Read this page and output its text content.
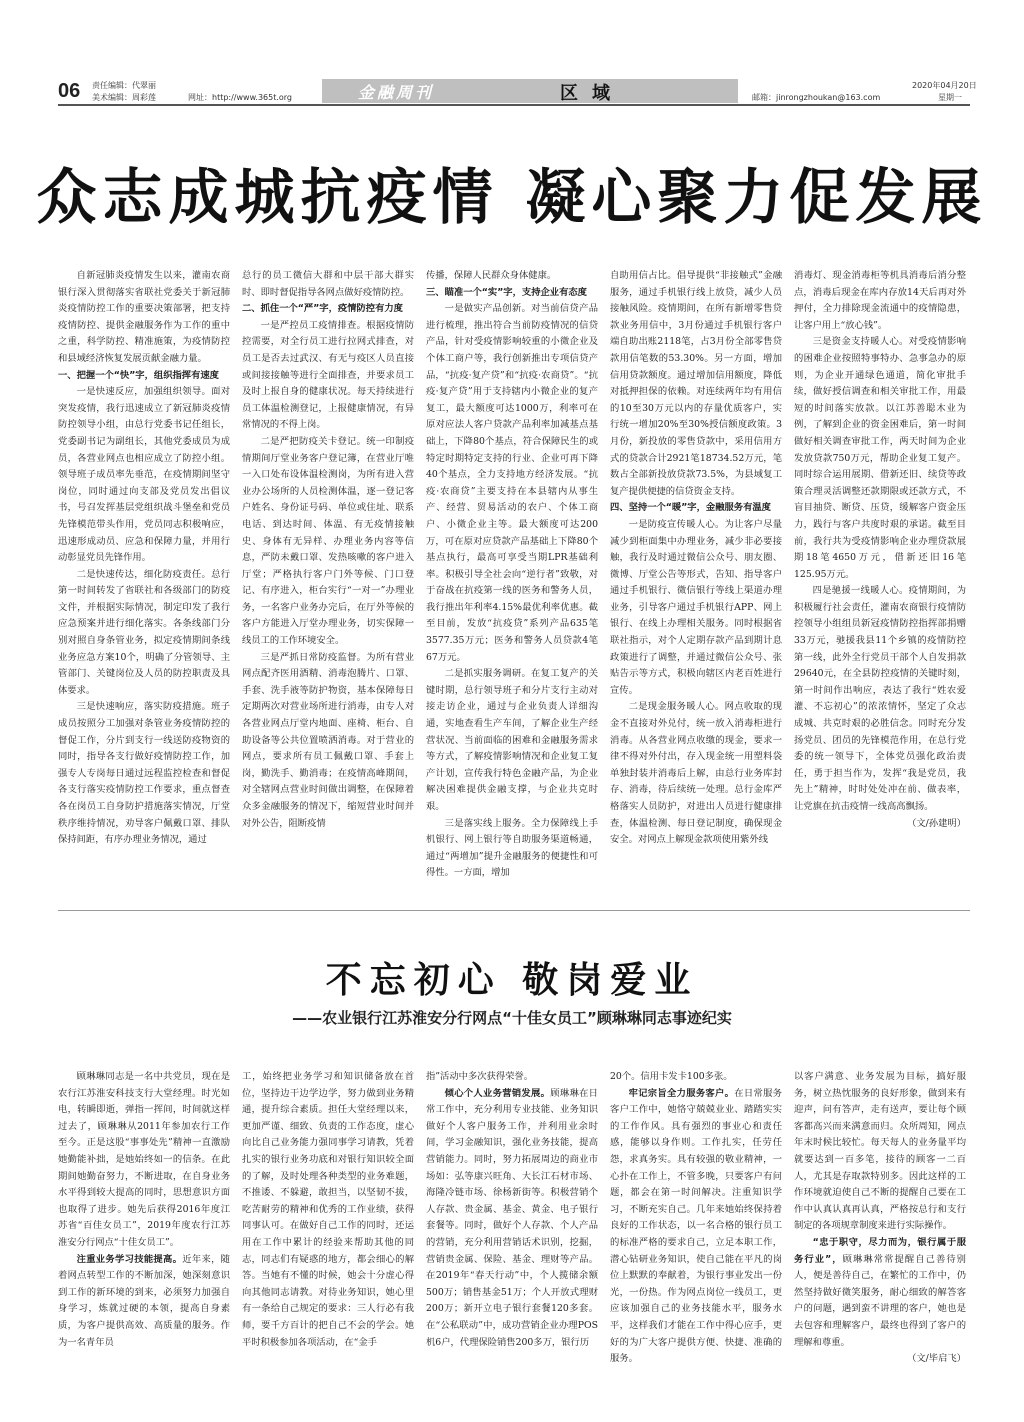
06 责任编辑：代翠丽
美术编辑：周彩莲	网址：http://www.365t.org	金融周刊	区域	邮箱：jinrongzhoukan@163.com
2020年04月20日
星期一
众志成城抗疫情 凝心聚力促发展

自新冠肺炎疫情发生以来，灌南农商银行深入贯彻落实省联社党委关于新冠肺炎疫情防控工作的重要决策部署，把支持疫情防控、提供金融服务作为工作的重中之重，科学防控、精准施策，为疫情防控和县域经济恢复发展贡献金融力量。

一、把握一个“快”字，组织指挥有速度

一是快速反应，加强组织领导。面对突发疫情，我行迅速成立了新冠肺炎疫情防控领导小组，由总行党委书记任组长，党委副书记为副组长，其他党委成员为成员，各营业网点也相应成立了防控小组。领导班子成员率先垂范，在疫情期间坚守岗位，同时通过向支部及党员发出倡议书，号召发挥基层党组织战斗堡垒和党员先锋模范带头作用，党员同志积极响应，迅速形成动员、应急和保障力量，并用行动彰显党员先锋作用。

二是快速传达，细化防疫责任。总行第一时间转发了省联社和各级部门的防疫文件，并根据实际情况，制定印发了我行应急预案并进行细化落实。各条线部门分别对照自身条管业务，拟定疫情期间条线业务应急方案10个，明确了分管领导、主管部门、关键岗位及人员的防控职责及具体要求。

三是快速响应，落实防疫措施。班子成员按照分工加强对条管业务疫情防控的督促工作，分片到支行一线送防疫物资的同时，指导各支行做好疫情防控工作，加强专人专岗每日通过远程监控检查和督促各支行落实疫情防控工作要求，重点督查各在岗员工自身防护措施落实情况，厅堂秩序维持情况，劝导客户佩戴口罩、排队保持间距，有序办理业务情况，通过

总行的员工微信大群和中层干部大群实时、即时督促指导各网点做好疫情防控。

二、抓住一个“严”字，疫情防控有力度

一是严控员工疫情排查。根据疫情防控需要，对全行员工进行拉网式排查，对员工是否去过武汉、有无与疫区人员直接或间接接触等进行全面排查，并要求员工及时上报自身的健康状况。每天持续进行员工体温检测登记，上报健康情况，有异常情况的不得上岗。

二是严把防疫关卡登记。统一印制疫情期间厅堂业务客户登记簿，在营业厅唯一入口处布设体温检测岗，为所有进入营业办公场所的人员检测体温，逐一登记客户姓名、身份证号码、单位或住址、联系电话、到达时间、体温、有无疫情接触史、身体有无异样、办理业务内容等信息，严防未戴口罩、发热咳嗽的客户进入厅堂；严格执行客户门外等候、门口登记、有序进入，柜台实行“一对一”办理业务，一名客户业务办完后，在厅外等候的客户方能进入厅堂办理业务，切实保障一线员工的工作环境安全。

三是严抓日常防疫监督。为所有营业网点配齐医用酒精、消毒泡腾片、口罩、手套、洗手液等防护物资，基本保障每日定期两次对营业场所进行消毒，由专人对各营业网点厅堂内地面、座椅、柜台、自助设备等公共位置喷洒消毒。对于营业的网点，要求所有员工佩戴口罩、手套上岗，勤洗手、勤消毒；在疫情高峰期间，对全辖网点营业时间做出调整，在保障着众多金融服务的情况下，缩短营业时间并对外公告，阻断疫情

传播，保障人民群众身体健康。

三、瞄准一个“实”字，支持企业有态度

一是做实产品创新。对当前信贷产品进行梳理，推出符合当前防疫情况的信贷产品，针对受疫情影响较重的小微企业及个体工商户等，我行创新推出专项信贷产品，“抗疫·复产贷”和“抗疫·农商贷”。“抗疫·复产贷”用于支持辖内小微企业的复产复工，最大额度可达1000万，利率可在原对应法人客户贷款产品利率加减基点基础上，下降80个基点，符合保障民生的或特定时期特定支持的行业、企业可再下降40个基点，全力支持地方经济发展。“抗疫·农商贷”主要支持在本县辖内从事生产、经营、贸易活动的农户、个体工商户、小微企业主等。最大额度可达200万，可在原对应贷款产品基础上下降80个基点执行，最高可享受当期LPR基础利率。积极引导全社会向“逆行者”致敬，对于奋战在抗疫第一线的医务和警务人员，我行推出年利率4.15%最优利率优惠。截至目前，发放“抗疫贷”系列产品635笔3577.35万元；医务和警务人员贷款4笔67万元。

二是抓实服务调研。在复工复产的关键时期，总行领导班子和分片支行主动对接走访企业，通过与企业负责人详细沟通，实地查看生产车间，了解企业生产经营状况、当前面临的困难和金融服务需求等方式，了解疫情影响情况和企业复工复产计划，宣传我行特色金融产品，为企业解决困难提供金融支撑，与企业共克时艰。

三是落实线上服务。全力保障线上手机银行、网上银行等自助服务渠道畅通，通过“两增加”提升金融服务的便捷性和可得性。一方面，增加

自助用信占比。倡导提供“非接触式”金融服务，通过手机银行线上放贷，减少人员接触风险。疫情期间，在所有新增零售贷款业务用信中，3月份通过手机银行客户端自助出账2118笔，占3月份全部零售贷款用信笔数的53.30%。另一方面，增加信用贷款额度。通过增加信用额度，降低对抵押担保的依赖。对连续两年均有用信的10至30万元以内的存量优质客户，实行统一增加20%至30%授信额度政策。3月份，新投放的零售贷款中，采用信用方式的贷款合计2921笔18734.52万元，笔数占全部新投放贷款73.5%，为县域复工复产提供便捷的信贷资金支持。

四、坚持一个“暖”字，金融服务有温度

一是防疫宣传暖人心。为让客户尽量减少到柜面集中办理业务，减少非必要接触，我行及时通过微信公众号、朋友圈、微博、厅堂公告等形式，告知、指导客户通过手机银行、微信银行等线上渠道办理业务，引导客户通过手机银行APP、网上银行、在线上办理相关服务。同时根据省联社指示，对个人定期存款产品到期计息政策进行了调整，并通过微信公众号、张贴告示等方式，积极向辖区内老百姓进行宣传。

二是现金服务暖人心。网点收取的现金不直接对外兑付，统一放入消毒柜进行消毒。从各营业网点收缴的现金，要求一律不得对外付出，存入现金统一用塑料袋单独封装并消毒后上解，由总行业务库封存、消毒，待后续统一处理。总行金库严格落实人员防护，对进出人员进行健康排查，体温检测、每日登记制度，确保现金安全。对网点上解现金款项使用紫外线

消毒灯、现金消毒柜等机具消毒后消分整点，消毒后现金在库内存放14天后再对外押付，全力排除现金流通中的疫情隐患，让客户用上“放心钱”。

三是资金支持暖人心。对受疫情影响的困难企业按照特事特办、急事急办的原则，为企业开通绿色通道，简化审批手续，做好授信调查和相关审批工作，用最短的时间落实放款。以江苏善聪木业为例，了解到企业的资金困难后，第一时间做好相关调查审批工作，两天时间为企业发放贷款750万元，帮助企业复工复产。同时综合运用展期、借新还旧、续贷等政策合理灵活调整还款期限或还款方式，不盲目抽贷、断贷、压贷，缓解客户资金压力，践行与客户共度时艰的承诺。截至目前，我行共为受疫情影响企业办理贷款展期18笔4650万元，借新还旧16笔125.95万元。

四是驰援一线暖人心。疫情期间，为积极履行社会责任，灌南农商银行疫情防控领导小组组员新冠疫情防控指挥部捐赠33万元，驰援我县11个乡镇的疫情防控第一线，此外全行党员干部个人自发捐款29640元，在全县防控疫情的关键时刻，第一时间作出响应，表达了我行“姓农爱灌、不忘初心”的浓浓情怀，坚定了众志成城、共克时艰的必胜信念。同时充分发扬党员、团员的先锋模范作用，在总行党委的统一领导下，全体党员强化政治责任，勇于担当作为，发挥“我是党员，我先上”精神，时时处处冲在前、做表率，让党旗在抗击疫情一线高高飘扬。

（文/孙建明）

不忘初心 敬岗爱业
——农业银行江苏淮安分行网点“十佳女员工”顾琳琳同志事迹纪实

顾琳琳同志是一名中共党员，现在是农行江苏淮安科技支行大堂经理。时光如电，转瞬即逝，弹指一挥间，时间就这样过去了，顾琳琳从2011年参加农行工作至今。正是这股“事事处先”精神一直激励她勤能补拙，是她始终如一的信条。在此期间她勤奋努力，不断进取，在自身业务水平得到较大提高的同时，思想意识方面也取得了进步。她先后获得2016年度江苏省“百佳女员工”，2019年度农行江苏淮安分行网点“十佳女员工”。

注重业务学习技能提高。近年来，随着网点转型工作的不断加深，她深刻意识到工作的新环境的到来，必须努力加强自身学习，炼就过硬的本领，提高自身素质，为客户提供高效、高质量的服务。作为一名青年员

工，始终把业务学习和知识储备放在首位，坚持边干边学边学，努力做到业务精通，提升综合素质。担任大堂经理以来，更加严谨、细致、负责的工作态度，虚心向比自己业务能力强同事学习请教，凭着扎实的银行业务功底和对银行知识较全面的了解，及时处理各种类型的业务难题，不推诿、不躲避，敢担当，以坚韧不拔，吃苦耐劳的精神和优秀的工作业绩，获得同事认可。在做好自己工作的同时，还运用在工作中累计的经验来帮助其他的同志，同志们有疑惑的地方，都会细心的解答。当她有不懂的时候，她会十分虚心得向其他同志请教。对待业务知识，她心里有一条给自己规定的要求：三人行必有我师，要千方百计的把自己不会的学会。她平时积极参加各项活动，在“金手

指”活动中多次获得荣誉。

倾心个人业务营销发展。顾琳琳在日常工作中，充分利用专业技能、业务知识做好个人客户服务工作，并利用业余时间，学习金融知识，强化业务技能，提高营销能力。同时，努力拓展周边的商业市场如：弘等康兴旺角、大长江石材市场、海隆冷链市场、徐杨新街等。积极营销个人存款、贵金属、基金、黄金、电子银行套餐等。同时，做好个人存款、个人产品的营销，充分利用营销话术识别，挖掘，营销贵金属、保险、基金、理财等产品。在2019年“春天行动”中，个人揽储余额500万；销售基金51万；个人开放式理财200万；新开立电子银行套餐120多套。在“公私联动”中，成功营销企业办理POS机6户，代理保险销售200多万，银行历

20个。信用卡发卡100多张。

牢记宗旨全力服务客户。在日常服务客户工作中，她恪守兢兢业业、踏踏实实的工作作风。具有强烈的事业心和责任感，能够以身作则。工作扎实，任劳任怨，求真务实。具有较强的敬业精神，一心扑在工作上，不管多晚，只要客户有问题，都会在第一时间解决。注重知识学习，不断充实自己。几年来她始终保持着良好的工作状态，以一名合格的银行员工的标准严格的要求自己，立足本职工作，潜心钻研业务知识，使自己能在平凡的岗位上默默的奉献着，为银行事业发出一份光，一份热。作为网点岗位一线员工，更应该加强自己的业务技能水平，服务水平，这样我们才能在工作中得心应手，更好的为广大客户提供方便、快捷、准确的服务。

以客户满意、业务发展为目标，搞好服务，树立热忱服务的良好形象，做到来有迎声，问有答声，走有送声，要让每个顾客都高兴而来满意而归。众所周知，网点年末时候比较忙。每天每人的业务量平均就要达到一百多笔，接待的顾客一二百人，尤其是存取款特别多。因此这样的工作环境就迫使自己不断的提醒自己要在工作中认真认真再认真，严格按总行和支行制定的各项规章制度来进行实际操作。

“忠于职守，尽力而为，银行属于服务行业”，顾琳琳常常提醒自己善待别人，便是善待自己，在繁忙的工作中，仍然坚持做好微笑服务，耐心细致的解答客户的问题，遇到蛮不讲理的客户，她也是去包容和理解客户，最终也得到了客户的理解和尊重。

（文/毕启飞）
